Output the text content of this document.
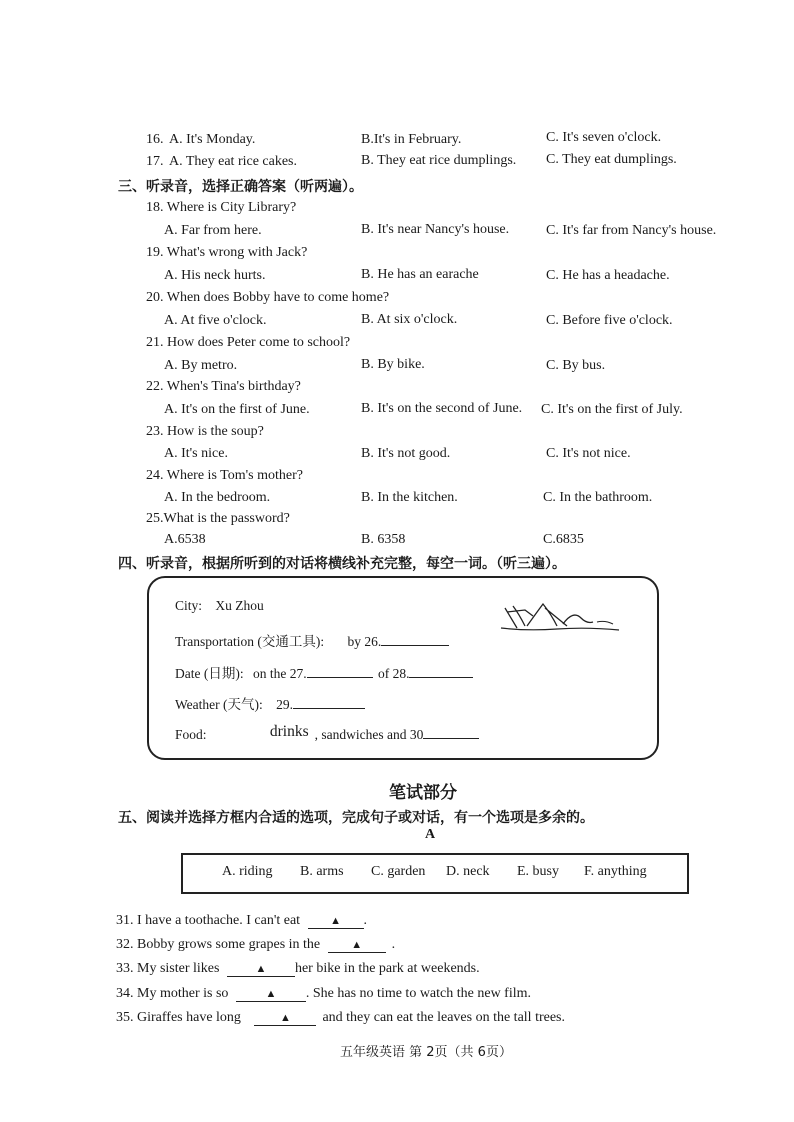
16. A. It's Monday.	B.It's in February.	C. It's seven o'clock.
17. A. They eat rice cakes.	B. They eat rice dumplings. C. They eat dumplings.
三、听录音，选择正确答案（听两遍）。
18. Where is City Library?
A. Far from here.	B. It's near Nancy's house.	C. It's far from Nancy's house.
19. What's wrong with Jack?
A. His neck hurts.	B. He has an earache	C. He has a headache.
20. When does Bobby have to come home?
A. At five o'clock.	B. At six o'clock.	C. Before five o'clock.
21. How does Peter come to school?
A. By metro.	B. By bike.	C. By bus.
22. When's Tina's birthday?
A. It's on the first of June.	B. It's on the second of June. C. It's on the first of July.
23. How is the soup?
A. It's nice.	B. It's not good.	C. It's not nice.
24. Where is Tom's mother?
A. In the bedroom.	B. In the kitchen.	C. In the bathroom.
25.What is the password?
A.6538	B. 6358	C.6835
四、听录音，根据所听到的对话将横线补充完整，每空一词。（听三遍）。
City: Xu Zhou
Transportation (交通工具): by 26.
Date (日期): on the 27.	of 28.
Weather (天气): 29.
Food:	drinks , sandwiches and 30
笔试部分
五、阅读并选择方框内合适的选项，完成句子或对话，有一个选项是多余的。
A
A. riding B. arms C. garden D. neck E. busy F. anything
31. I have a toothache. I can't eat	▲ .
32. Bobby grows some grapes in the	▲ .
33. My sister likes	▲ her bike in the park at weekends.
34. My mother is so	▲ . She has no time to watch the new film.
35. Giraffes have long	▲ and they can eat the leaves on the tall trees.
五年级英语 第 2页（共 6页）
